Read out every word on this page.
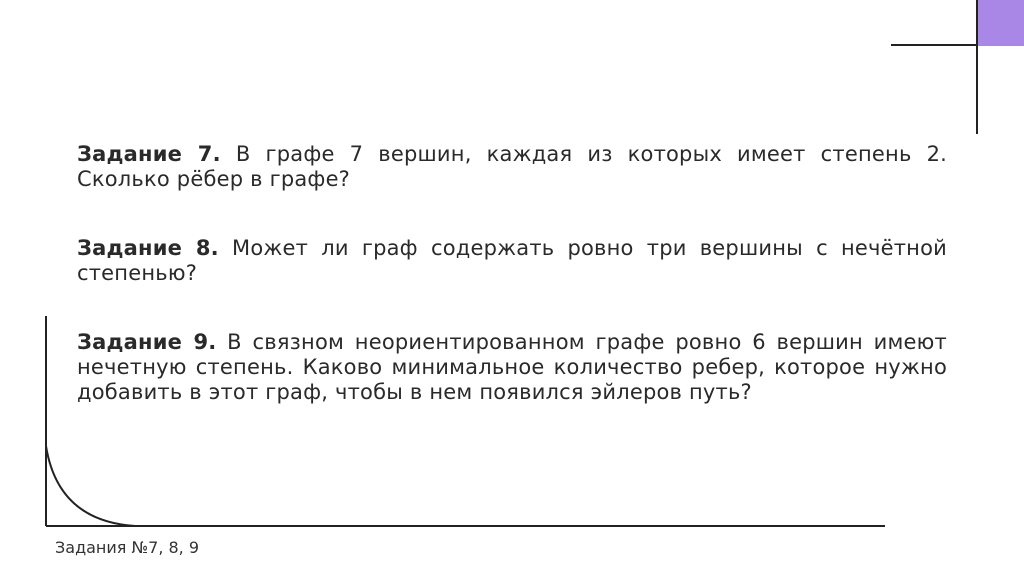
Задание 7. В графе 7 вершин, каждая из которых имеет степень 2. Сколько рёбер в графе?

Задание 8. Может ли граф содержать ровно три вершины с нечётной степенью?

Задание 9. В связном неориентированном графе ровно 6 вершин имеют нечетную степень. Каково минимальное количество ребер, которое нужно добавить в этот граф, чтобы в нем появился эйлеров путь?

Задания №7, 8, 9
